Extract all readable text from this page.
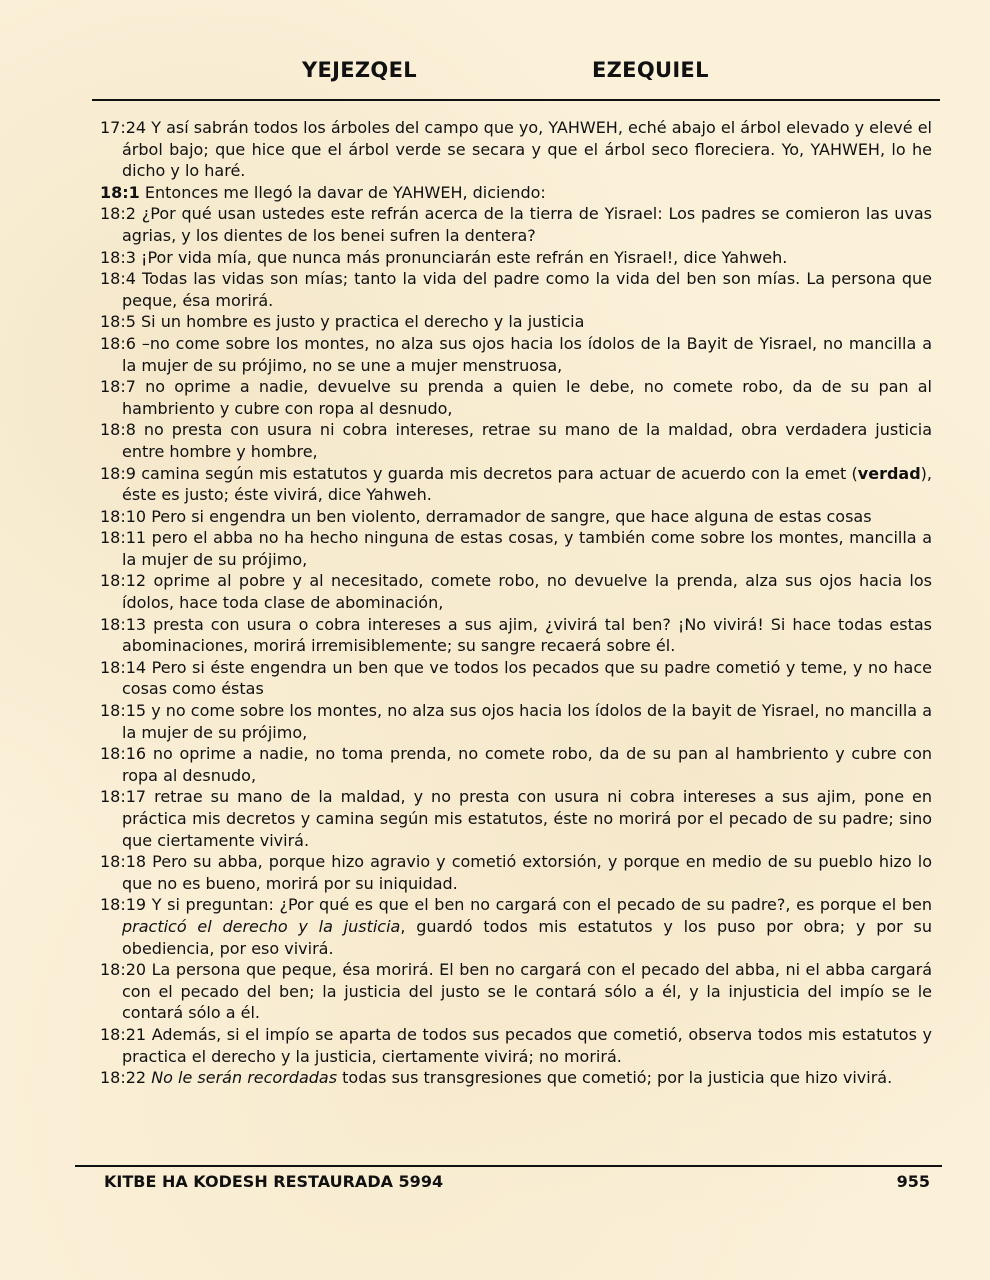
YEJEZQEL	EZEQUIEL

17:24 Y así sabrán todos los árboles del campo que yo, YAHWEH, eché abajo el árbol elevado y elevé el árbol bajo; que hice que el árbol verde se secara y que el árbol seco floreciera. Yo, YAHWEH, lo he dicho y lo haré.

18:1 Entonces me llegó la davar de YAHWEH, diciendo:

18:2 ¿Por qué usan ustedes este refrán acerca de la tierra de Yisrael: Los padres se comieron las uvas agrias, y los dientes de los benei sufren la dentera?

18:3 ¡Por vida mía, que nunca más pronunciarán este refrán en Yisrael!, dice Yahweh.

18:4 Todas las vidas son mías; tanto la vida del padre como la vida del ben son mías. La persona que peque, ésa morirá.

18:5 Si un hombre es justo y practica el derecho y la justicia

18:6 –no come sobre los montes, no alza sus ojos hacia los ídolos de la Bayit de Yisrael, no mancilla a la mujer de su prójimo, no se une a mujer menstruosa,

18:7 no oprime a nadie, devuelve su prenda a quien le debe, no comete robo, da de su pan al hambriento y cubre con ropa al desnudo,

18:8 no presta con usura ni cobra intereses, retrae su mano de la maldad, obra verdadera justicia entre hombre y hombre,

18:9 camina según mis estatutos y guarda mis decretos para actuar de acuerdo con la emet (verdad), éste es justo; éste vivirá, dice Yahweh.

18:10 Pero si engendra un ben violento, derramador de sangre, que hace alguna de estas cosas

18:11 pero el abba no ha hecho ninguna de estas cosas, y también come sobre los montes, mancilla a la mujer de su prójimo,

18:12 oprime al pobre y al necesitado, comete robo, no devuelve la prenda, alza sus ojos hacia los ídolos, hace toda clase de abominación,

18:13 presta con usura o cobra intereses a sus ajim, ¿vivirá tal ben? ¡No vivirá! Si hace todas estas abominaciones, morirá irremisiblemente; su sangre recaerá sobre él.

18:14 Pero si éste engendra un ben que ve todos los pecados que su padre cometió y teme, y no hace cosas como éstas

18:15 y no come sobre los montes, no alza sus ojos hacia los ídolos de la bayit de Yisrael, no mancilla a la mujer de su prójimo,

18:16 no oprime a nadie, no toma prenda, no comete robo, da de su pan al hambriento y cubre con ropa al desnudo,

18:17 retrae su mano de la maldad, y no presta con usura ni cobra intereses a sus ajim, pone en práctica mis decretos y camina según mis estatutos, éste no morirá por el pecado de su padre; sino que ciertamente vivirá.

18:18 Pero su abba, porque hizo agravio y cometió extorsión, y porque en medio de su pueblo hizo lo que no es bueno, morirá por su iniquidad.

18:19 Y si preguntan: ¿Por qué es que el ben no cargará con el pecado de su padre?, es porque el ben practicó el derecho y la justicia, guardó todos mis estatutos y los puso por obra; y por su obediencia, por eso vivirá.

18:20 La persona que peque, ésa morirá. El ben no cargará con el pecado del abba, ni el abba cargará con el pecado del ben; la justicia del justo se le contará sólo a él, y la injusticia del impío se le contará sólo a él.

18:21 Además, si el impío se aparta de todos sus pecados que cometió, observa todos mis estatutos y practica el derecho y la justicia, ciertamente vivirá; no morirá.

18:22 No le serán recordadas todas sus transgresiones que cometió; por la justicia que hizo vivirá.

KITBE HA KODESH RESTAURADA 5994	955
